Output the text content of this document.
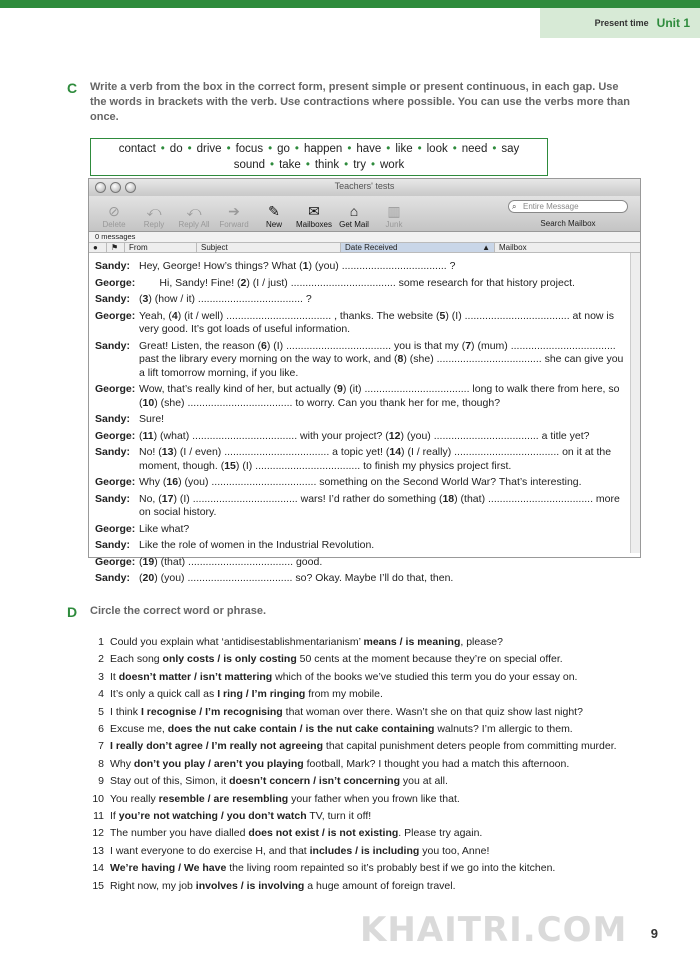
Present time Unit 1
C Write a verb from the box in the correct form, present simple or present continuous, in each gap. Use the words in brackets with the verb. Use contractions where possible. You can use the verbs more than once.

contact • do • drive • focus • go • happen • have • like • look • need • say
sound • take • think • try • work
Teachers' tests
⊘
Delete
⤺
Reply
⤺
Reply All
➔
Forward
✎
New
✉
Mailboxes
⌂
Get Mail
▥
Junk
⌕ Entire Message
Search Mailbox
0 messages
●	⚑	From	Subject	Date Received	▲	Mailbox
Sandy: Hey, George! How’s things? What (1) (you) .................................... ?
George: Hi, Sandy! Fine! (2) (I / just) .................................... some research for that history project.
Sandy: (3) (how / it) .................................... ?
George: Yeah, (4) (it / well) .................................... , thanks. The website (5) (I) .................................... at now is very good. It’s got loads of useful information.
Sandy: Great! Listen, the reason (6) (I) .................................... you is that my (7) (mum) .................................... past the library every morning on the way to work, and (8) (she) .................................... she can give you a lift tomorrow morning, if you like.
George: Wow, that’s really kind of her, but actually (9) (it) .................................... long to walk there from here, so (10) (she) .................................... to worry. Can you thank her for me, though?
Sandy: Sure!
George: (11) (what) .................................... with your project? (12) (you) .................................... a title yet?
Sandy: No! (13) (I / even) .................................... a topic yet! (14) (I / really) .................................... on it at the moment, though. (15) (I) .................................... to finish my physics project first.
George: Why (16) (you) .................................... something on the Second World War? That’s interesting.
Sandy: No, (17) (I) .................................... wars! I’d rather do something (18) (that) .................................... more on social history.
George: Like what?
Sandy: Like the role of women in the Industrial Revolution.
George: (19) (that) .................................... good.
Sandy: (20) (you) .................................... so? Okay. Maybe I’ll do that, then.
D Circle the correct word or phrase.

1 Could you explain what ‘antidisestablishmentarianism’ means / is meaning, please?
2 Each song only costs / is only costing 50 cents at the moment because they’re on special offer.
3 It doesn’t matter / isn’t mattering which of the books we’ve studied this term you do your essay on.
4 It’s only a quick call as I ring / I’m ringing from my mobile.
5 I think I recognise / I’m recognising that woman over there. Wasn’t she on that quiz show last night?
6 Excuse me, does the nut cake contain / is the nut cake containing walnuts? I’m allergic to them.
7 I really don’t agree / I’m really not agreeing that capital punishment deters people from committing murder.
8 Why don’t you play / aren’t you playing football, Mark? I thought you had a match this afternoon.
9 Stay out of this, Simon, it doesn’t concern / isn’t concerning you at all.
10 You really resemble / are resembling your father when you frown like that.
11 If you’re not watching / you don’t watch TV, turn it off!
12 The number you have dialled does not exist / is not existing. Please try again.
13 I want everyone to do exercise H, and that includes / is including you too, Anne!
14 We’re having / We have the living room repainted so it’s probably best if we go into the kitchen.
15 Right now, my job involves / is involving a huge amount of foreign travel.
KHAITRI.COM 9
